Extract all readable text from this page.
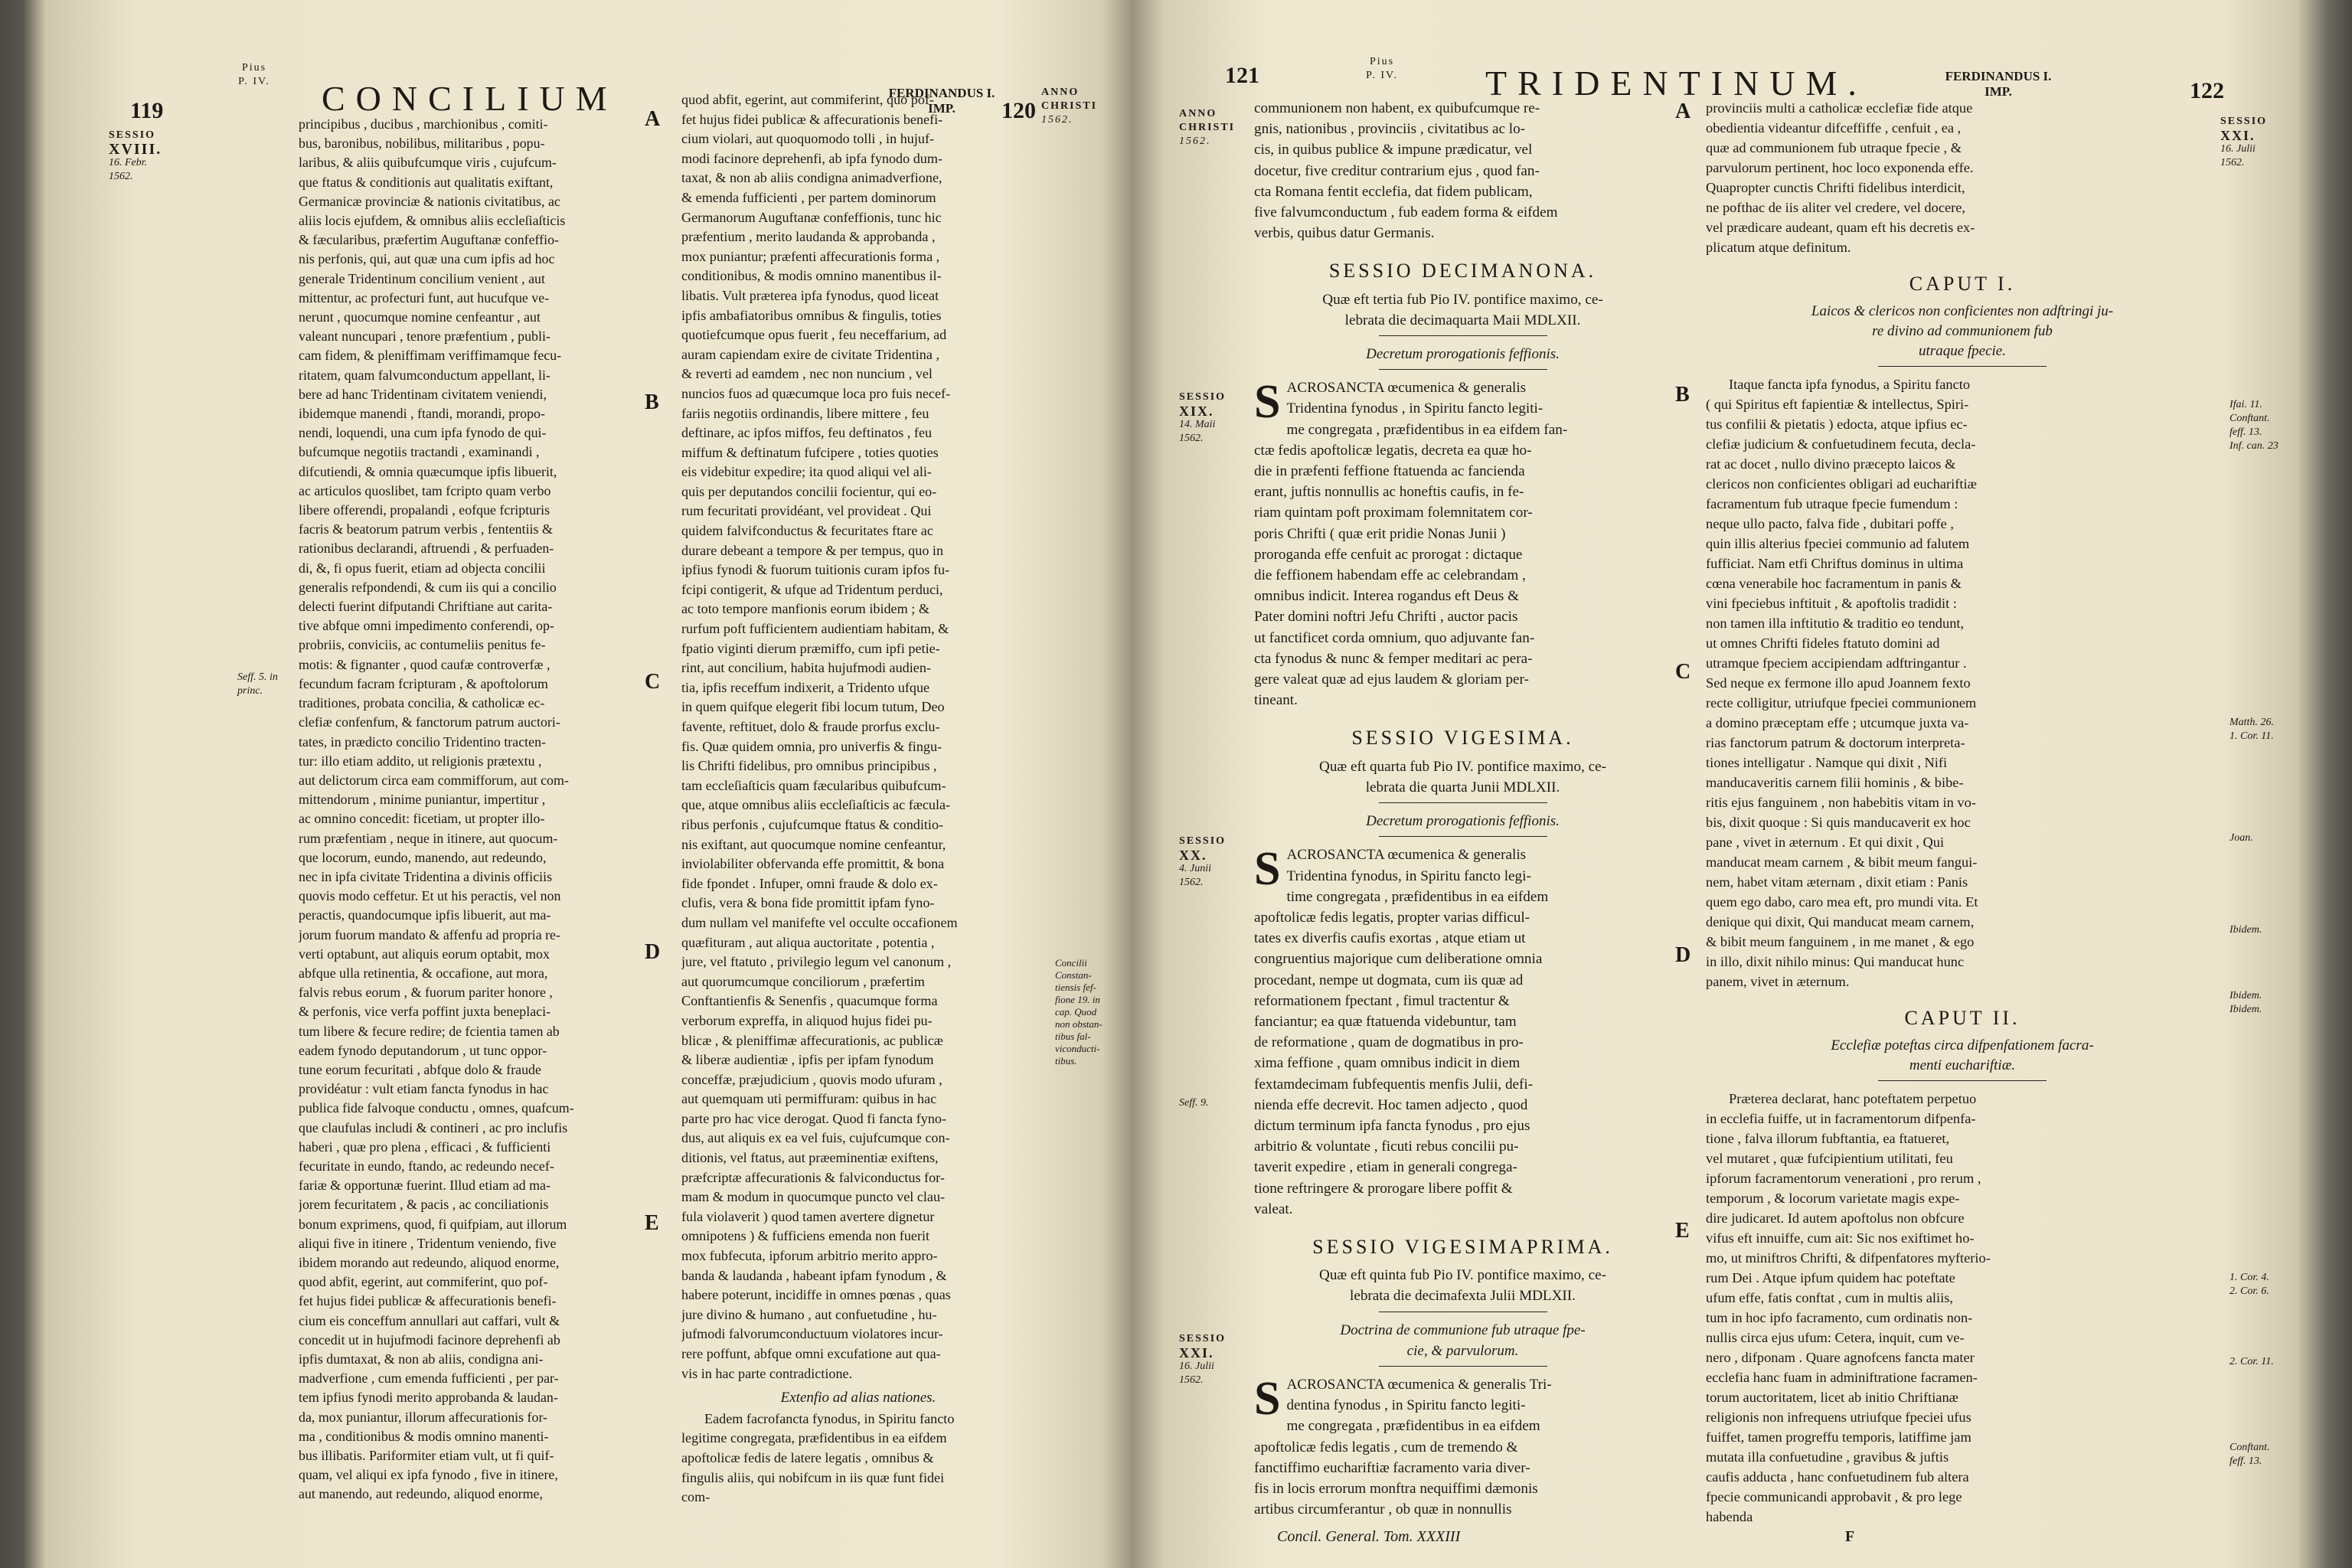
119
Pius
P. IV.	CONCILIUM	FERDINANDUS I.
IMP.	120
SESSIO
XVIII.
16. Febr.
1562.
Seff. 5. in
princ.
ANNO
CHRISTI
1562.
Concilii
Constan-
tiensis fef-
fione 19. in
cap. Quod
non obstan-
tibus fal-
viconducti-
tibus.
A
B
C
D
E
principibus , ducibus , marchionibus , comiti-
bus, baronibus, nobilibus, militaribus , popu-
laribus, & aliis quibufcumque viris , cujufcum-
que ftatus & conditionis aut qualitatis exiftant,
Germanicæ provinciæ & nationis civitatibus, ac
aliis locis ejufdem, & omnibus aliis eccleſiaſticis
& fæcularibus, præfertim Auguftanæ confeffio-
nis perfonis, qui, aut quæ una cum ipfis ad hoc
generale Tridentinum concilium venient , aut
mittentur, ac profecturi funt, aut hucufque ve-
nerunt , quocumque nomine cenfeantur , aut
valeant nuncupari , tenore præfentium , publi-
cam fidem, & pleniffimam veriffimamque fecu-
ritatem, quam falvumconductum appellant, li-
bere ad hanc Tridentinam civitatem veniendi,
ibidemque manendi , ftandi, morandi, propo-
nendi, loquendi, una cum ipfa fynodo de qui-
bufcumque negotiis tractandi , examinandi ,
difcutiendi, & omnia quæcumque ipfis libuerit,
ac articulos quoslibet, tam fcripto quam verbo
libere offerendi, propalandi , eofque fcripturis
facris & beatorum patrum verbis , fententiis &
rationibus declarandi, aftruendi , & perfuaden-
di, &, fi opus fuerit, etiam ad objecta concilii
generalis refpondendi, & cum iis qui a concilio
delecti fuerint difputandi Chriftiane aut carita-
tive abfque omni impedimento conferendi, op-
probriis, conviciis, ac contumeliis penitus fe-
motis: & fignanter , quod caufæ controverfæ ,
fecundum facram fcripturam , & apoftolorum
traditiones, probata concilia, & catholicæ ec-
clefiæ confenfum, & fanctorum patrum auctori-
tates, in prædicto concilio Tridentino tracten-
tur: illo etiam addito, ut religionis prætextu ,
aut delictorum circa eam commifforum, aut com-
mittendorum , minime puniantur, impertitur ,
ac omnino concedit: ficetiam, ut propter illo-
rum præfentiam , neque in itinere, aut quocum-
que locorum, eundo, manendo, aut redeundo,
nec in ipfa civitate Tridentina a divinis officiis
quovis modo ceffetur. Et ut his peractis, vel non
peractis, quandocumque ipfis libuerit, aut ma-
jorum fuorum mandato & affenfu ad propria re-
verti optabunt, aut aliquis eorum optabit, mox
abfque ulla retinentia, & occafione, aut mora,
falvis rebus eorum , & fuorum pariter honore ,
& perfonis, vice verfa poffint juxta beneplaci-
tum libere & fecure redire; de fcientia tamen ab
eadem fynodo deputandorum , ut tunc oppor-
tune eorum fecuritati , abfque dolo & fraude
providéatur : vult etiam fancta fynodus in hac
publica fide falvoque conductu , omnes, quafcum-
que claufulas includi & contineri , ac pro inclufis
haberi , quæ pro plena , efficaci , & fufficienti
fecuritate in eundo, ftando, ac redeundo necef-
fariæ & opportunæ fuerint. Illud etiam ad ma-
jorem fecuritatem , & pacis , ac conciliationis
bonum exprimens, quod, fi quifpiam, aut illorum
aliqui five in itinere , Tridentum veniendo, five
ibidem morando aut redeundo, aliquod enorme,
quod abfit, egerint, aut commiferint, quo pof-
fet hujus fidei publicæ & affecurationis benefi-
cium eis conceffum annullari aut caffari, vult &
concedit ut in hujufmodi facinore deprehenfi ab
ipfis dumtaxat, & non ab aliis, condigna ani-
madverfione , cum emenda fufficienti , per par-
tem ipfius fynodi merito approbanda & laudan-
da, mox puniantur, illorum affecurationis for-
ma , conditionibus & modis omnino manenti-
bus illibatis. Pariformiter etiam vult, ut fi quif-
quam, vel aliqui ex ipfa fynodo , five in itinere,
aut manendo, aut redeundo, aliquod enorme,
quod abfit, egerint, aut commiferint, quo pof-
fet hujus fidei publicæ & affecurationis benefi-
cium violari, aut quoquomodo tolli , in hujuf-
modi facinore deprehenfi, ab ipfa fynodo dum-
taxat, & non ab aliis condigna animadverfione,
& emenda fufficienti , per partem dominorum
Germanorum Auguftanæ confeffionis, tunc hic
præfentium , merito laudanda & approbanda ,
mox puniantur; præfenti affecurationis forma ,
conditionibus, & modis omnino manentibus il-
libatis. Vult præterea ipfa fynodus, quod liceat
ipfis ambafiatoribus omnibus & fingulis, toties
quotiefcumque opus fuerit , feu neceffarium, ad
auram capiendam exire de civitate Tridentina ,
& reverti ad eamdem , nec non nuncium , vel
nuncios fuos ad quæcumque loca pro fuis necef-
fariis negotiis ordinandis, libere mittere , feu
deftinare, ac ipfos miffos, feu deftinatos , feu
miffum & deftinatum fufcipere , toties quoties
eis videbitur expedire; ita quod aliqui vel ali-
quis per deputandos concilii focientur, qui eo-
rum fecuritati providéant, vel provideat . Qui
quidem falvifconductus & fecuritates ftare ac
durare debeant a tempore & per tempus, quo in
ipfius fynodi & fuorum tuitionis curam ipfos fu-
fcipi contigerit, & ufque ad Tridentum perduci,
ac toto tempore manfionis eorum ibidem ; &
rurfum poft fufficientem audientiam habitam, &
fpatio viginti dierum præmiffo, cum ipfi petie-
rint, aut concilium, habita hujufmodi audien-
tia, ipfis receffum indixerit, a Tridento ufque
in quem quifque elegerit fibi locum tutum, Deo
favente, reftituet, dolo & fraude prorfus exclu-
fis. Quæ quidem omnia, pro univerfis & fingu-
lis Chrifti fidelibus, pro omnibus principibus ,
tam eccleſiaſticis quam fæcularibus quibufcum-
que, atque omnibus aliis eccleſiaſticis ac fæcula-
ribus perfonis , cujufcumque ftatus & conditio-
nis exiftant, aut quocumque nomine cenfeantur,
inviolabiliter obfervanda effe promittit, & bona
fide fpondet . Infuper, omni fraude & dolo ex-
clufis, vera & bona fide promittit ipfam fyno-
dum nullam vel manifefte vel occulte occafionem
quæfituram , aut aliqua auctoritate , potentia ,
jure, vel ftatuto , privilegio legum vel canonum ,
aut quorumcumque conciliorum , præfertim
Conftantienfis & Senenfis , quacumque forma
verborum expreffa, in aliquod hujus fidei pu-
blicæ , & pleniffimæ affecurationis, ac publicæ
& liberæ audientiæ , ipfis per ipfam fynodum
conceffæ, præjudicium , quovis modo ufuram ,
aut quemquam uti permiffuram: quibus in hac
parte pro hac vice derogat. Quod fi fancta fyno-
dus, aut aliquis ex ea vel fuis, cujufcumque con-
ditionis, vel ftatus, aut præeminentiæ exiftens,
præfcriptæ affecurationis & falviconductus for-
mam & modum in quocumque puncto vel clau-
fula violaverit ) quod tamen avertere dignetur
omnipotens ) & fufficiens emenda non fuerit
mox fubfecuta, ipforum arbitrio merito appro-
banda & laudanda , habeant ipfam fynodum , &
habere poterunt, incidiffe in omnes pœnas , quas
jure divino & humano , aut confuetudine , hu-
jufmodi falvorumconductuum violatores incur-
rere poffunt, abfque omni excufatione aut qua-
vis in hac parte contradictione.
Extenfio ad alias nationes.
Eadem facrofancta fynodus, in Spiritu fancto
legitime congregata, præfidentibus in ea eifdem
apoftolicæ fedis de latere legatis , omnibus &
fingulis aliis, qui nobifcum in iis quæ funt fidei
com-
121
Pius
P. IV.	TRIDENTINUM.	FERDINANDUS I.
IMP.	122
ANNO
CHRISTI
1562.
SESSIO
XIX.
14. Maii
1562.
SESSIO
XX.
4. Junii
1562.
Seff. 9.
SESSIO
XXI.
16. Julii
1562.
SESSIO
XXI.
16. Julii
1562.
Ifai. 11.
Conftant.
feff. 13.
Inf. can. 23
Matth. 26.
1. Cor. 11.
Joan.
Ibidem.
Ibidem.
Ibidem.
1. Cor. 4.
2. Cor. 6.
2. Cor. 11.
Conftant.
feff. 13.
A
B
C
D
E
communionem non habent, ex quibufcumque re-
gnis, nationibus , provinciis , civitatibus ac lo-
cis, in quibus publice & impune prædicatur, vel
docetur, five creditur contrarium ejus , quod fan-
cta Romana fentit ecclefia, dat fidem publicam,
five falvumconductum , fub eadem forma & eifdem
verbis, quibus datur Germanis.
SESSIO DECIMANONA.
Quæ eft tertia fub Pio IV. pontifice maximo, ce-
lebrata die decimaquarta Maii MDLXII.
Decretum prorogationis feffionis.
S ACROSANCTA œcumenica & generalis
Tridentina fynodus , in Spiritu fancto legiti-
me congregata , præfidentibus in ea eifdem fan-
ctæ fedis apoftolicæ legatis, decreta ea quæ ho-
die in præfenti feffione ftatuenda ac fancienda
erant, juftis nonnullis ac honeftis caufis, in fe-
riam quintam poft proximam folemnitatem cor-
poris Chrifti ( quæ erit pridie Nonas Junii )
proroganda effe cenfuit ac prorogat : dictaque
die feffionem habendam effe ac celebrandam ,
omnibus indicit. Interea rogandus eft Deus &
Pater domini noftri Jefu Chrifti , auctor pacis
ut fanctificet corda omnium, quo adjuvante fan-
cta fynodus & nunc & femper meditari ac pera-
gere valeat quæ ad ejus laudem & gloriam per-
tineant.
SESSIO VIGESIMA.
Quæ eft quarta fub Pio IV. pontifice maximo, ce-
lebrata die quarta Junii MDLXII.
Decretum prorogationis feffionis.
S ACROSANCTA œcumenica & generalis
Tridentina fynodus, in Spiritu fancto legi-
time congregata , præfidentibus in ea eifdem
apoftolicæ fedis legatis, propter varias difficul-
tates ex diverfis caufis exortas , atque etiam ut
congruentius majorique cum deliberatione omnia
procedant, nempe ut dogmata, cum iis quæ ad
reformationem fpectant , fimul tractentur &
fanciantur; ea quæ ftatuenda videbuntur, tam
de reformatione , quam de dogmatibus in pro-
xima feffione , quam omnibus indicit in diem
fextamdecimam fubfequentis menfis Julii, defi-
nienda effe decrevit. Hoc tamen adjecto , quod
dictum terminum ipfa fancta fynodus , pro ejus
arbitrio & voluntate , ficuti rebus concilii pu-
taverit expedire , etiam in generali congrega-
tione reftringere & prorogare libere poffit &
valeat.
SESSIO VIGESIMAPRIMA.
Quæ eft quinta fub Pio IV. pontifice maximo, ce-
lebrata die decimafexta Julii MDLXII.
Doctrina de communione fub utraque fpe-
cie, & parvulorum.
S ACROSANCTA œcumenica & generalis Tri-
dentina fynodus , in Spiritu fancto legiti-
me congregata , præfidentibus in ea eifdem
apoftolicæ fedis legatis , cum de tremendo &
fanctiffimo euchariftiæ facramento varia diver-
fis in locis errorum monftra nequiffimi dæmonis
artibus circumferantur , ob quæ in nonnullis
provinciis multi a catholicæ ecclefiæ fide atque
obedientia videantur difceffiffe , cenfuit , ea ,
quæ ad communionem fub utraque fpecie , &
parvulorum pertinent, hoc loco exponenda effe.
Quapropter cunctis Chrifti fidelibus interdicit,
ne pofthac de iis aliter vel credere, vel docere,
vel prædicare audeant, quam eft his decretis ex-
plicatum atque definitum.
CAPUT I.
Laicos & clericos non conficientes non adftringi ju-
re divino ad communionem fub
utraque fpecie.
Itaque fancta ipfa fynodus, a Spiritu fancto
( qui Spiritus eft fapientiæ & intellectus, Spiri-
tus confilii & pietatis ) edocta, atque ipfius ec-
clefiæ judicium & confuetudinem fecuta, decla-
rat ac docet , nullo divino præcepto laicos &
clericos non conficientes obligari ad euchariftiæ
facramentum fub utraque fpecie fumendum :
neque ullo pacto, falva fide , dubitari poffe ,
quin illis alterius fpeciei communio ad falutem
fufficiat. Nam etfi Chriftus dominus in ultima
cœna venerabile hoc facramentum in panis &
vini fpeciebus inftituit , & apoftolis tradidit :
non tamen illa inftitutio & traditio eo tendunt,
ut omnes Chrifti fideles ftatuto domini ad
utramque fpeciem accipiendam adftringantur .
Sed neque ex fermone illo apud Joannem fexto
recte colligitur, utriufque fpeciei communionem
a domino præceptam effe ; utcumque juxta va-
rias fanctorum patrum & doctorum interpreta-
tiones intelligatur . Namque qui dixit , Nifi
manducaveritis carnem filii hominis , & bibe-
ritis ejus fanguinem , non habebitis vitam in vo-
bis, dixit quoque : Si quis manducaverit ex hoc
pane , vivet in æternum . Et qui dixit , Qui
manducat meam carnem , & bibit meum fangui-
nem, habet vitam æternam , dixit etiam : Panis
quem ego dabo, caro mea eft, pro mundi vita. Et
denique qui dixit, Qui manducat meam carnem,
& bibit meum fanguinem , in me manet , & ego
in illo, dixit nihilo minus: Qui manducat hunc
panem, vivet in æternum.
CAPUT II.
Ecclefiæ poteftas circa difpenfationem facra-
menti euchariftiæ.
Præterea declarat, hanc poteftatem perpetuo
in ecclefia fuiffe, ut in facramentorum difpenfa-
tione , falva illorum fubftantia, ea ftatueret,
vel mutaret , quæ fufcipientium utilitati, feu
ipforum facramentorum venerationi , pro rerum ,
temporum , & locorum varietate magis expe-
dire judicaret. Id autem apoftolus non obfcure
vifus eft innuiffe, cum ait: Sic nos exiftimet ho-
mo, ut miniftros Chrifti, & difpenfatores myfterio-
rum Dei . Atque ipfum quidem hac poteftate
ufum effe, fatis conftat , cum in multis aliis,
tum in hoc ipfo facramento, cum ordinatis non-
nullis circa ejus ufum: Cetera, inquit, cum ve-
nero , difponam . Quare agnofcens fancta mater
ecclefia hanc fuam in adminiftratione facramen-
torum auctoritatem, licet ab initio Chriftianæ
religionis non infrequens utriufque fpeciei ufus
fuiffet, tamen progreffu temporis, latiffime jam
mutata illa confuetudine , gravibus & juftis
caufis adducta , hanc confuetudinem fub altera
fpecie communicandi approbavit , & pro lege
habenda
Concil. General. Tom. XXXIII	F
